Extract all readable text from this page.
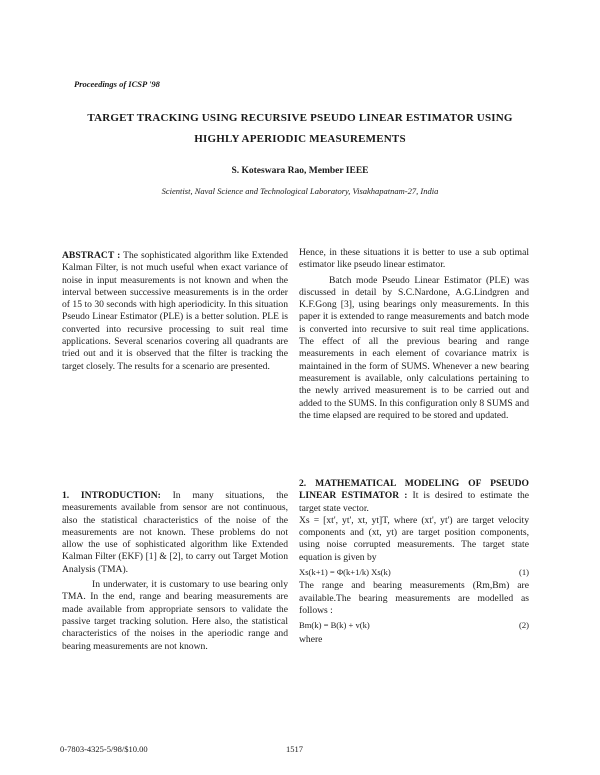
Proceedings of ICSP '98
TARGET TRACKING USING RECURSIVE PSEUDO LINEAR ESTIMATOR USING
HIGHLY APERIODIC MEASUREMENTS
S. Koteswara Rao, Member IEEE
Scientist, Naval Science and Technological Laboratory, Visakhapatnam-27, India

ABSTRACT : The sophisticated algorithm like Extended Kalman Filter, is not much useful when exact variance of noise in input measurements is not known and when the interval between successive measurements is in the order of 15 to 30 seconds with high aperiodicity. In this situation Pseudo Linear Estimator (PLE) is a better solution. PLE is converted into recursive processing to suit real time applications. Several scenarios covering all quadrants are tried out and it is observed that the filter is tracking the target closely. The results for a scenario are presented.

1. INTRODUCTION: In many situations, the measurements available from sensor are not continuous, also the statistical characteristics of the noise of the measurements are not known. These problems do not allow the use of sophisticated algorithm like Extended Kalman Filter (EKF) [1] & [2], to carry out Target Motion Analysis (TMA).

In underwater, it is customary to use bearing only TMA. In the end, range and bearing measurements are made available from appropriate sensors to validate the passive target tracking solution. Here also, the statistical characteristics of the noises in the aperiodic range and bearing measurements are not known.

Hence, in these situations it is better to use a sub optimal estimator like pseudo linear estimator.

Batch mode Pseudo Linear Estimator (PLE) was discussed in detail by S.C.Nardone, A.G.Lindgren and K.F.Gong [3], using bearings only measurements. In this paper it is extended to range measurements and batch mode is converted into recursive to suit real time applications. The effect of all the previous bearing and range measurements in each element of covariance matrix is maintained in the form of SUMS. Whenever a new bearing measurement is available, only calculations pertaining to the newly arrived measurement is to be carried out and added to the SUMS. In this configuration only 8 SUMS and the time elapsed are required to be stored and updated.

2. MATHEMATICAL MODELING OF PSEUDO LINEAR ESTIMATOR : It is desired to estimate the target state vector.

Xs = [xt', yt', xt, yt]T, where (xt', yt') are target velocity components and (xt, yt) are target position components, using noise corrupted measurements. The target state equation is given by

Xs(k+1) = Φ(k+1/k) Xs(k)	(1)

The range and bearing measurements (Rm,Bm) are available.The bearing measurements are modelled as follows :

Bm(k) = B(k) + v(k)	(2)

where

0-7803-4325-5/98/$10.00	1517
